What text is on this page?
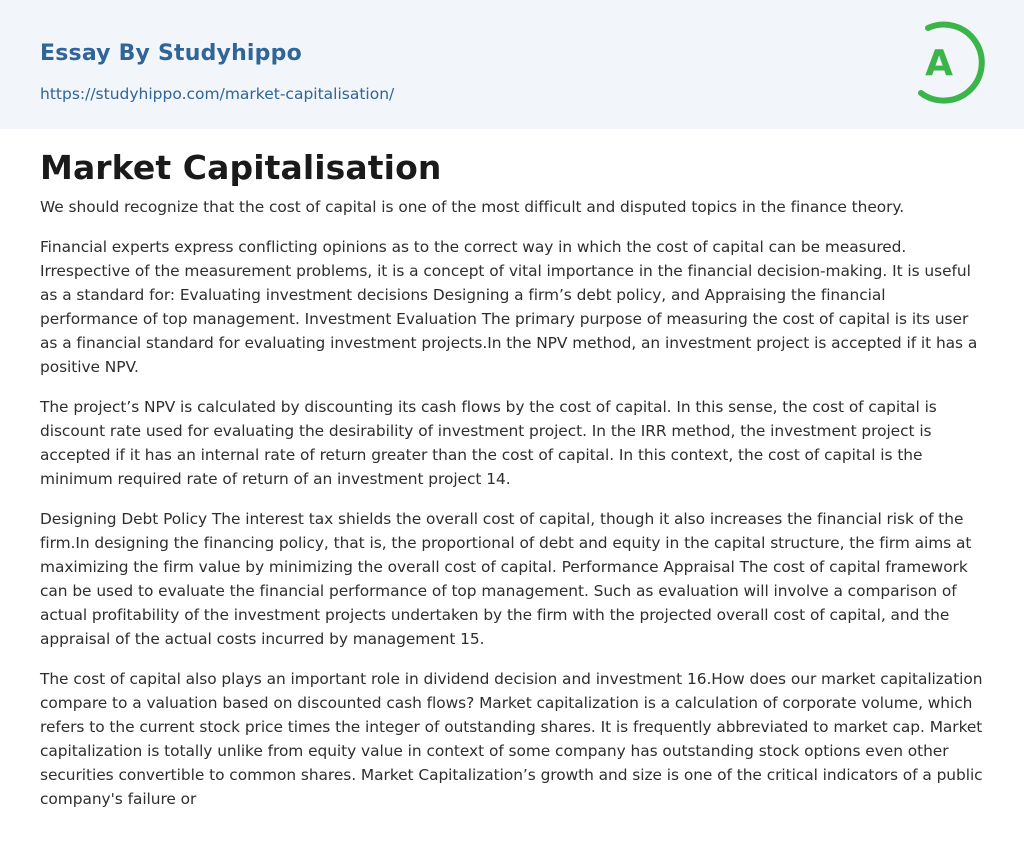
Essay By Studyhippo
https://studyhippo.com/market-capitalisation/
A
Market Capitalisation

We should recognize that the cost of capital is one of the most difficult and disputed topics in the finance theory.

Financial experts express conflicting opinions as to the correct way in which the cost of capital can be measured. Irrespective of the measurement problems, it is a concept of vital importance in the financial decision-making. It is useful as a standard for: Evaluating investment decisions Designing a firm’s debt policy, and Appraising the financial performance of top management. Investment Evaluation The primary purpose of measuring the cost of capital is its user as a financial standard for evaluating investment projects.In the NPV method, an investment project is accepted if it has a positive NPV.

The project’s NPV is calculated by discounting its cash flows by the cost of capital. In this sense, the cost of capital is discount rate used for evaluating the desirability of investment project. In the IRR method, the investment project is accepted if it has an internal rate of return greater than the cost of capital. In this context, the cost of capital is the minimum required rate of return of an investment project 14.

Designing Debt Policy The interest tax shields the overall cost of capital, though it also increases the financial risk of the firm.In designing the financing policy, that is, the proportional of debt and equity in the capital structure, the firm aims at maximizing the firm value by minimizing the overall cost of capital. Performance Appraisal The cost of capital framework can be used to evaluate the financial performance of top management. Such as evaluation will involve a comparison of actual profitability of the investment projects undertaken by the firm with the projected overall cost of capital, and the appraisal of the actual costs incurred by management 15.

The cost of capital also plays an important role in dividend decision and investment 16.How does our market capitalization compare to a valuation based on discounted cash flows? Market capitalization is a calculation of corporate volume, which refers to the current stock price times the integer of outstanding shares. It is frequently abbreviated to market cap. Market capitalization is totally unlike from equity value in context of some company has outstanding stock options even other securities convertible to common shares. Market Capitalization’s growth and size is one of the critical indicators of a public company's failure or
